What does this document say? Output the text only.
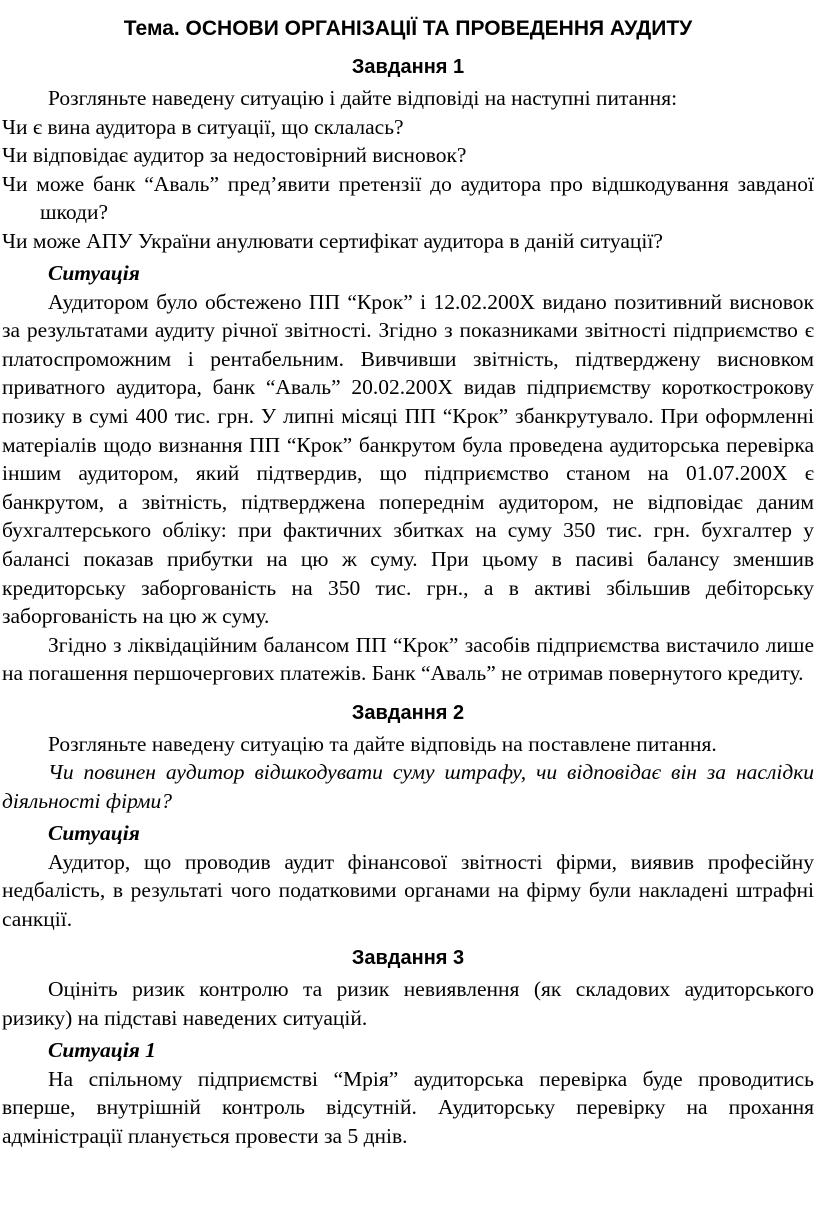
Тема. ОСНОВИ ОРГАНІЗАЦІЇ ТА ПРОВЕДЕННЯ АУДИТУ
Завдання 1

Розгляньте наведену ситуацію і дайте відповіді на наступні питання:

Чи є вина аудитора в ситуації, що склалась?

Чи відповідає аудитор за недостовірний висновок?

Чи може банк “Аваль” пред’явити претензії до аудитора про відшкодування завданої шкоди?

Чи може АПУ України анулювати сертифікат аудитора в даній ситуації?

Ситуація

Аудитором було обстежено ПП “Крок” і 12.02.200Х видано позитивний висновок за результатами аудиту річної звітності. Згідно з показниками звітності підприємство є платоспроможним і рентабельним. Вивчивши звітність, підтверджену висновком приватного аудитора, банк “Аваль” 20.02.200Х видав підприємству короткострокову позику в сумі 400 тис. грн. У липні місяці ПП “Крок” збанкрутувало. При оформленні матеріалів щодо визнання ПП “Крок” банкрутом була проведена аудиторська перевірка іншим аудитором, який підтвердив, що підприємство станом на 01.07.200Х є банкрутом, а звітність, підтверджена попереднім аудитором, не відповідає даним бухгалтерського обліку: при фактичних збитках на суму 350 тис. грн. бухгалтер у балансі показав прибутки на цю ж суму. При цьому в пасиві балансу зменшив кредиторську заборгованість на 350 тис. грн., а в активі збільшив дебіторську заборгованість на цю ж суму.

Згідно з ліквідаційним балансом ПП “Крок” засобів підприємства вистачило лише на погашення першочергових платежів. Банк “Аваль” не отримав повернутого кредиту.

Завдання 2

Розгляньте наведену ситуацію та дайте відповідь на поставлене питання.

Чи повинен аудитор відшкодувати суму штрафу, чи відповідає він за наслідки діяльності фірми?

Ситуація

Аудитор, що проводив аудит фінансової звітності фірми, виявив професійну недбалість, в результаті чого податковими органами на фірму були накладені штрафні санкції.

Завдання 3

Оцініть ризик контролю та ризик невиявлення (як складових аудиторського ризику) на підставі наведених ситуацій.

Ситуація 1

На спільному підприємстві “Мрія” аудиторська перевірка буде проводитись вперше, внутрішній контроль відсутній. Аудиторську перевірку на прохання адміністрації планується провести за 5 днів.
